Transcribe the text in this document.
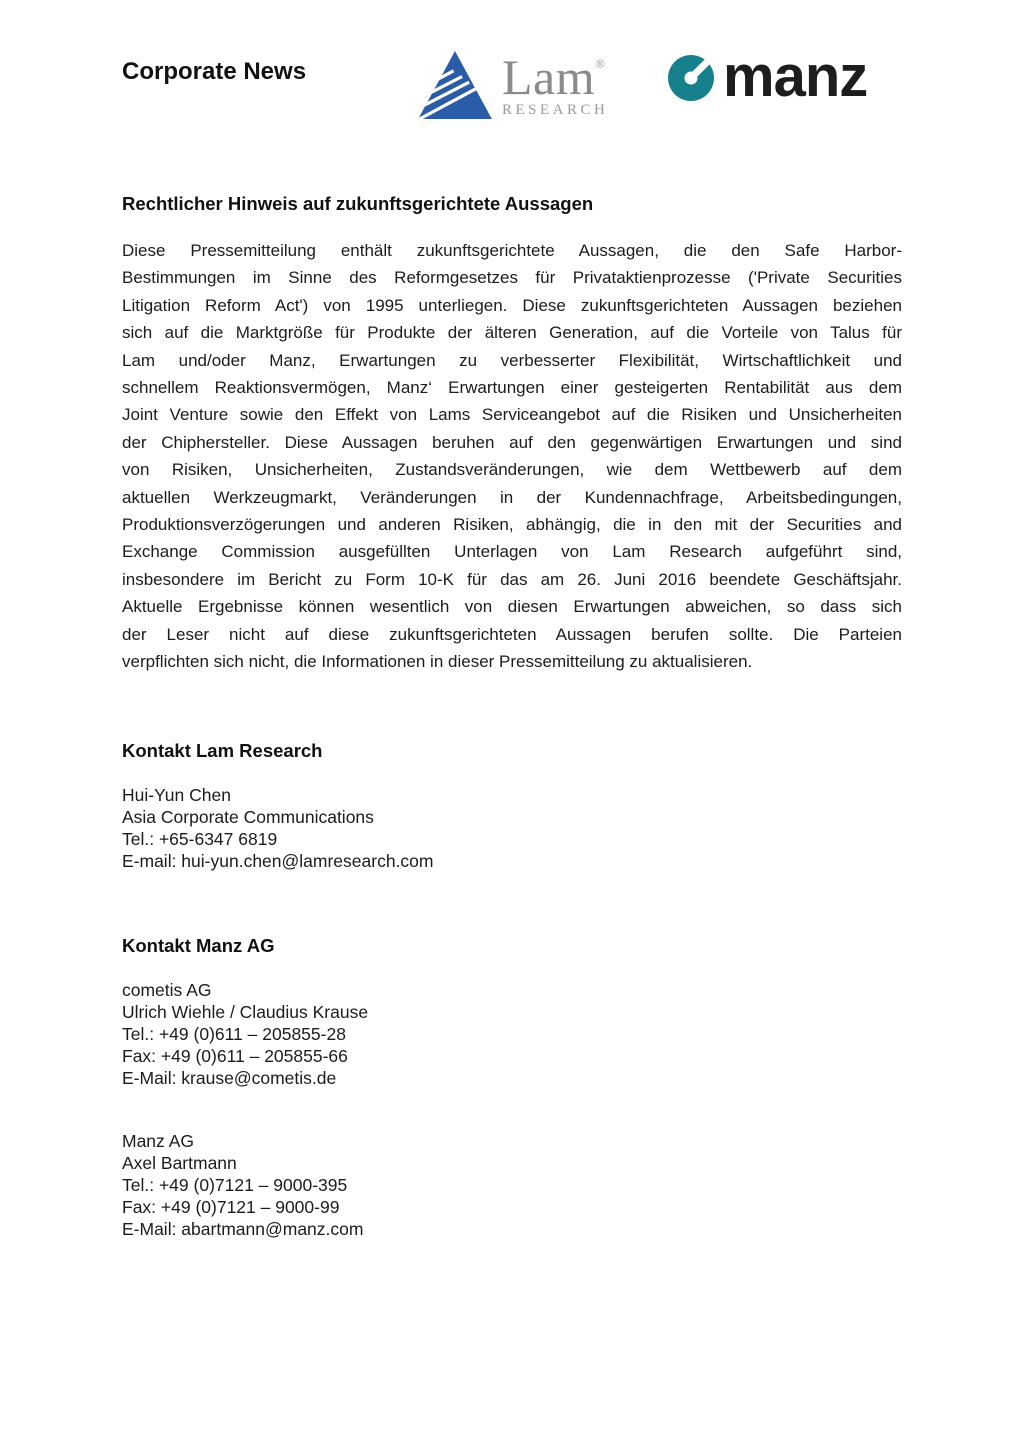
Corporate News	Lam®
RESEARCH
manz
Rechtlicher Hinweis auf zukunftsgerichtete Aussagen
Diese Pressemitteilung enthält zukunftsgerichtete Aussagen, die den Safe Harbor-
Bestimmungen im Sinne des Reformgesetzes für Privataktienprozesse ('Private Securities
Litigation Reform Act') von 1995 unterliegen. Diese zukunftsgerichteten Aussagen beziehen
sich auf die Marktgröße für Produkte der älteren Generation, auf die Vorteile von Talus für
Lam und/oder Manz, Erwartungen zu verbesserter Flexibilität, Wirtschaftlichkeit und
schnellem Reaktionsvermögen, Manz‘ Erwartungen einer gesteigerten Rentabilität aus dem
Joint Venture sowie den Effekt von Lams Serviceangebot auf die Risiken und Unsicherheiten
der Chiphersteller. Diese Aussagen beruhen auf den gegenwärtigen Erwartungen und sind
von Risiken, Unsicherheiten, Zustandsveränderungen, wie dem Wettbewerb auf dem
aktuellen Werkzeugmarkt, Veränderungen in der Kundennachfrage, Arbeitsbedingungen,
Produktionsverzögerungen und anderen Risiken, abhängig, die in den mit der Securities and
Exchange Commission ausgefüllten Unterlagen von Lam Research aufgeführt sind,
insbesondere im Bericht zu Form 10-K für das am 26. Juni 2016 beendete Geschäftsjahr.
Aktuelle Ergebnisse können wesentlich von diesen Erwartungen abweichen, so dass sich
der Leser nicht auf diese zukunftsgerichteten Aussagen berufen sollte. Die Parteien
verpflichten sich nicht, die Informationen in dieser Pressemitteilung zu aktualisieren.
Kontakt Lam Research
Hui-Yun Chen
Asia Corporate Communications
Tel.: +65-6347 6819
E-mail: hui-yun.chen@lamresearch.com
Kontakt Manz AG
cometis AG
Ulrich Wiehle / Claudius Krause
Tel.: +49 (0)611 – 205855-28
Fax: +49 (0)611 – 205855-66
E-Mail: krause@cometis.de
Manz AG
Axel Bartmann
Tel.: +49 (0)7121 – 9000-395
Fax: +49 (0)7121 – 9000-99
E-Mail: abartmann@manz.com
